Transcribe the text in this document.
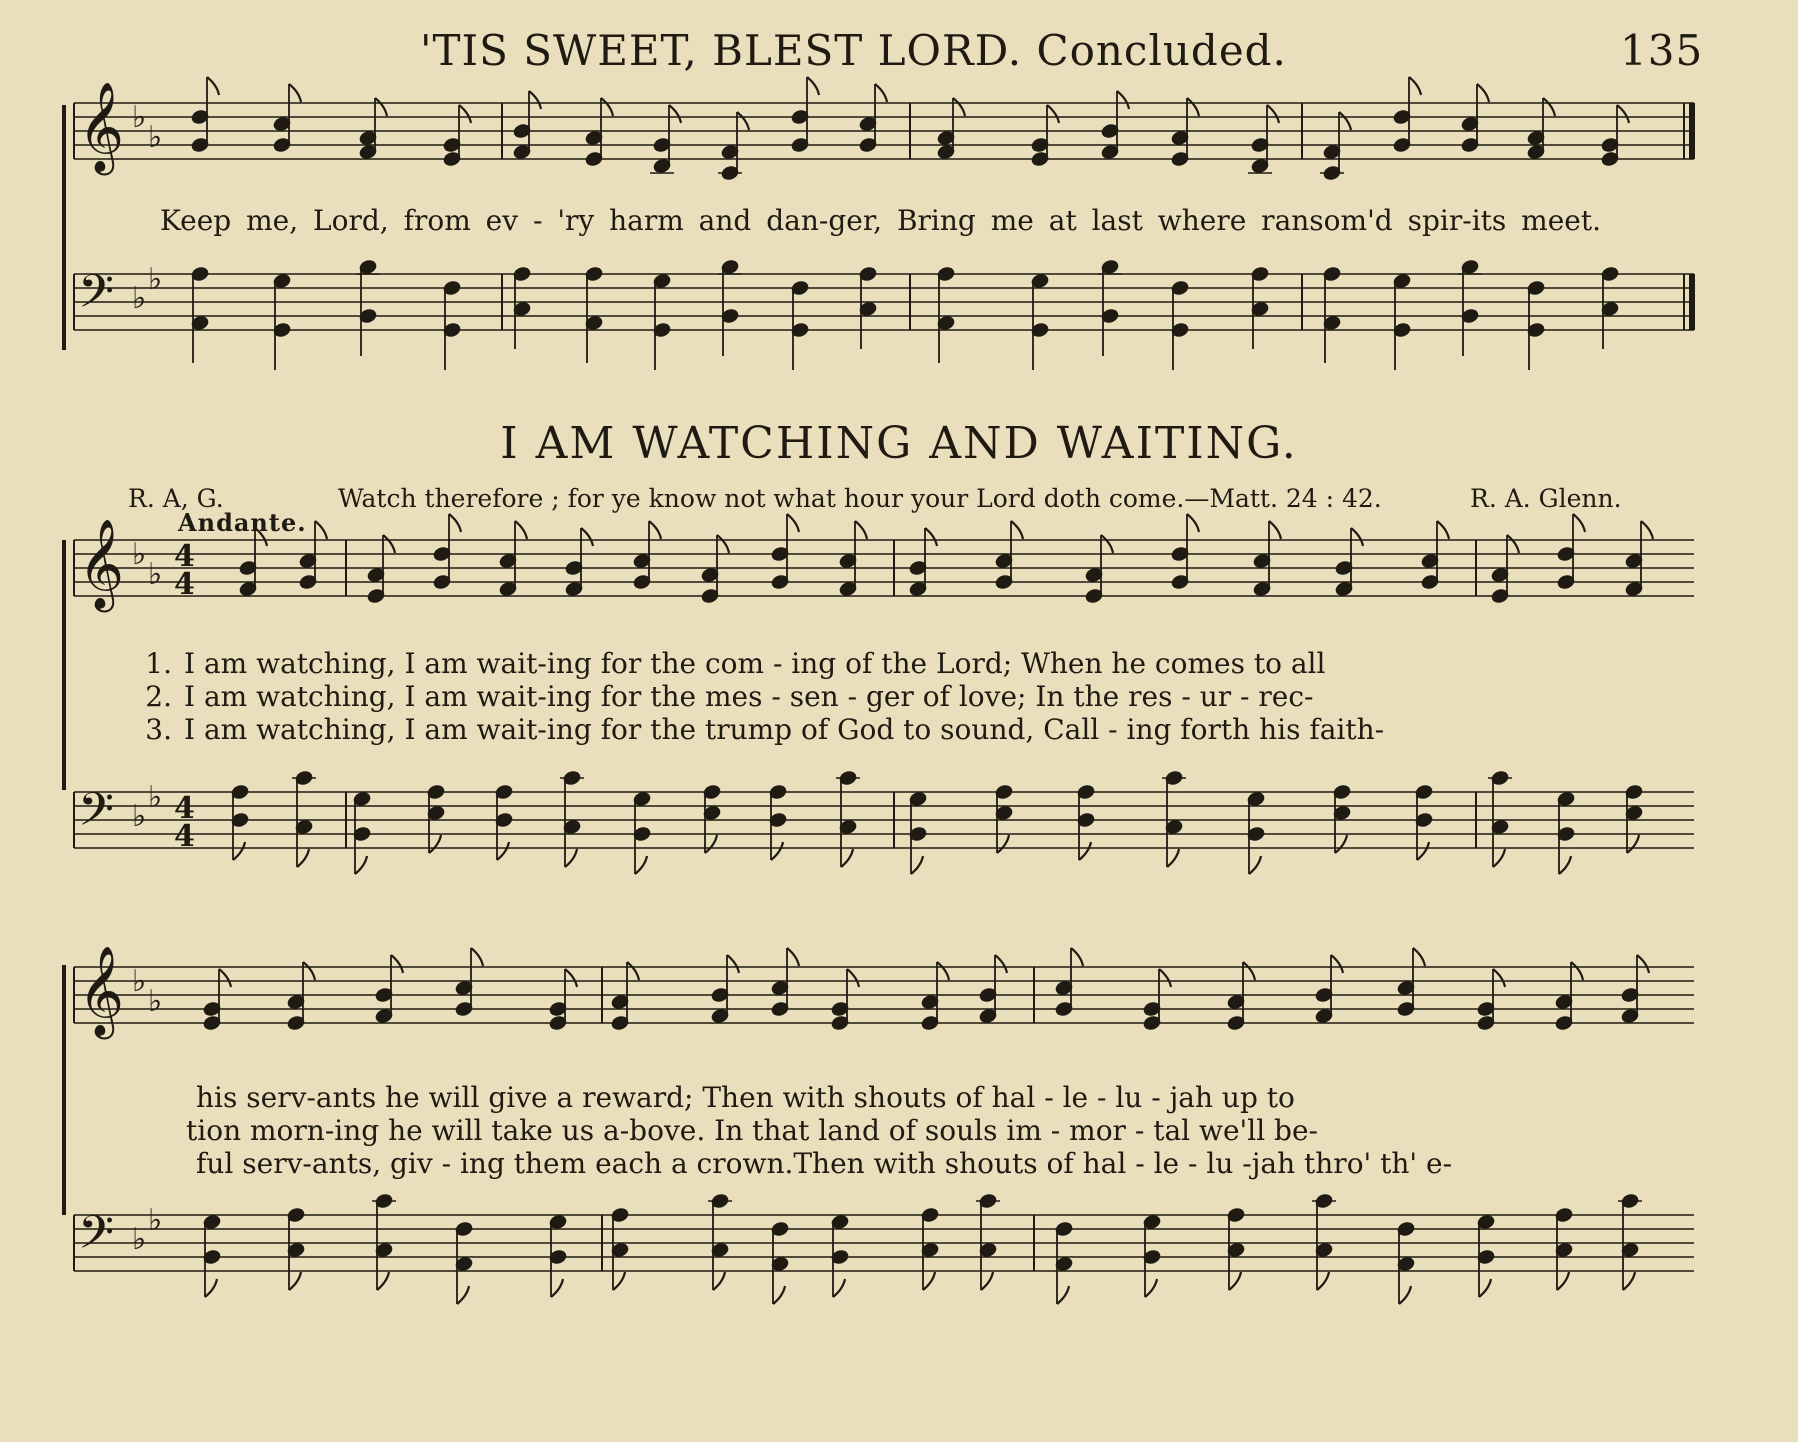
'TIS SWEET, BLEST LORD. Concluded.	135
𝄞 ♭
♭
Keep me, Lord, from ev - 'ry harm and dan-ger, Bring me at last where ransom'd spir-its meet.
𝄢 ♭
♭
I AM WATCHING AND WAITING.
R. A, G.	Watch therefore ; for ye know not what hour your Lord doth come.—Matt. 24 : 42.	R. A. Glenn.
Andante.
𝄞 ♭
♭
4
4
1. I am watching, I am wait-ing for the com - ing of the Lord; When he comes to all
2. I am watching, I am wait-ing for the mes - sen - ger of love; In the res - ur - rec-
3. I am watching, I am wait-ing for the trump of God to sound, Call - ing forth his faith-
𝄢 ♭
♭ 4
4
𝄞 ♭
♭
his serv-ants he will give a reward; Then with shouts of hal - le - lu - jah up to
tion morn-ing he will take us a-bove. In that land of souls im - mor - tal we'll be-
ful serv-ants, giv - ing them each a crown.Then with shouts of hal - le - lu -jah thro' th' e-
𝄢 ♭
♭
